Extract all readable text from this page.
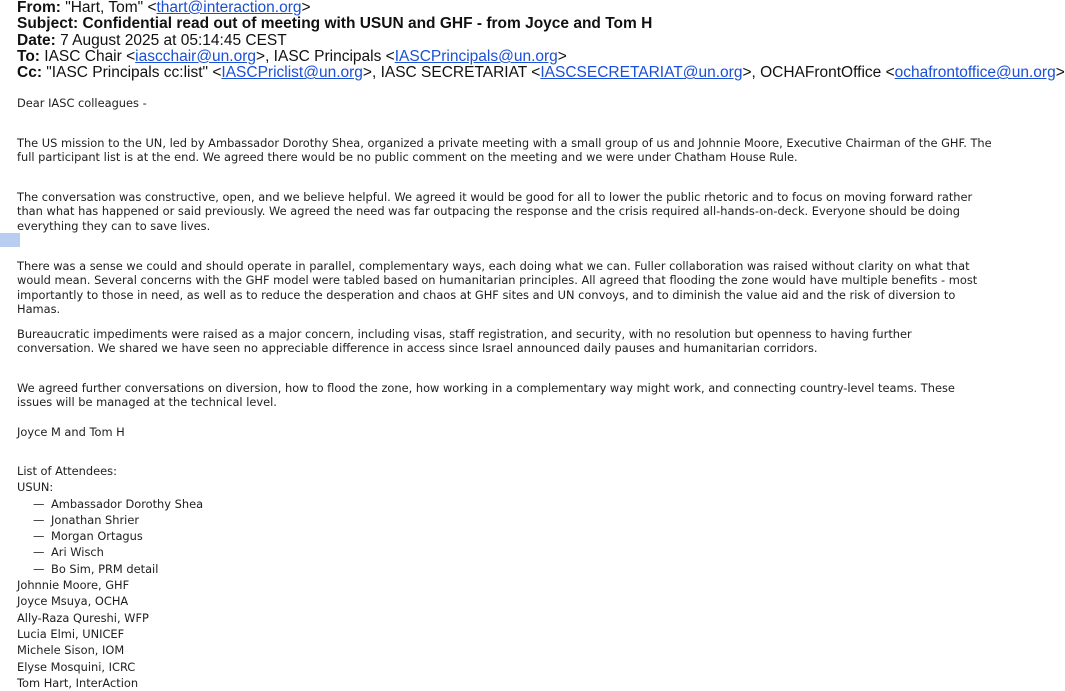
From: "Hart, Tom" <thart@interaction.org>
Subject: Confidential read out of meeting with USUN and GHF - from Joyce and Tom H
Date: 7 August 2025 at 05:14:45 CEST
To: IASC Chair <iascchair@un.org>, IASC Principals <IASCPrincipals@un.org>
Cc: "IASC Principals cc:list" <IASCPriclist@un.org>, IASC SECRETARIAT <IASCSECRETARIAT@un.org>, OCHAFrontOffice <ochafrontoffice@un.org>

Dear IASC colleagues -

The US mission to the UN, led by Ambassador Dorothy Shea, organized a private meeting with a small group of us and Johnnie Moore, Executive Chairman of the GHF. The full participant list is at the end. We agreed there would be no public comment on the meeting and we were under Chatham House Rule.

The conversation was constructive, open, and we believe helpful. We agreed it would be good for all to lower the public rhetoric and to focus on moving forward rather than what has happened or said previously. We agreed the need was far outpacing the response and the crisis required all-hands-on-deck. Everyone should be doing everything they can to save lives.

There was a sense we could and should operate in parallel, complementary ways, each doing what we can. Fuller collaboration was raised without clarity on what that would mean. Several concerns with the GHF model were tabled based on humanitarian principles. All agreed that flooding the zone would have multiple benefits - most importantly to those in need, as well as to reduce the desperation and chaos at GHF sites and UN convoys, and to diminish the value aid and the risk of diversion to Hamas.

Bureaucratic impediments were raised as a major concern, including visas, staff registration, and security, with no resolution but openness to having further conversation. We shared we have seen no appreciable difference in access since Israel announced daily pauses and humanitarian corridors.

We agreed further conversations on diversion, how to flood the zone, how working in a complementary way might work, and connecting country-level teams. These issues will be managed at the technical level.

Joyce M and Tom H

List of Attendees:
USUN:
— Ambassador Dorothy Shea
— Jonathan Shrier
— Morgan Ortagus
— Ari Wisch
— Bo Sim, PRM detail
Johnnie Moore, GHF
Joyce Msuya, OCHA
Ally-Raza Qureshi, WFP
Lucia Elmi, UNICEF
Michele Sison, IOM
Elyse Mosquini, ICRC
Tom Hart, InterAction
